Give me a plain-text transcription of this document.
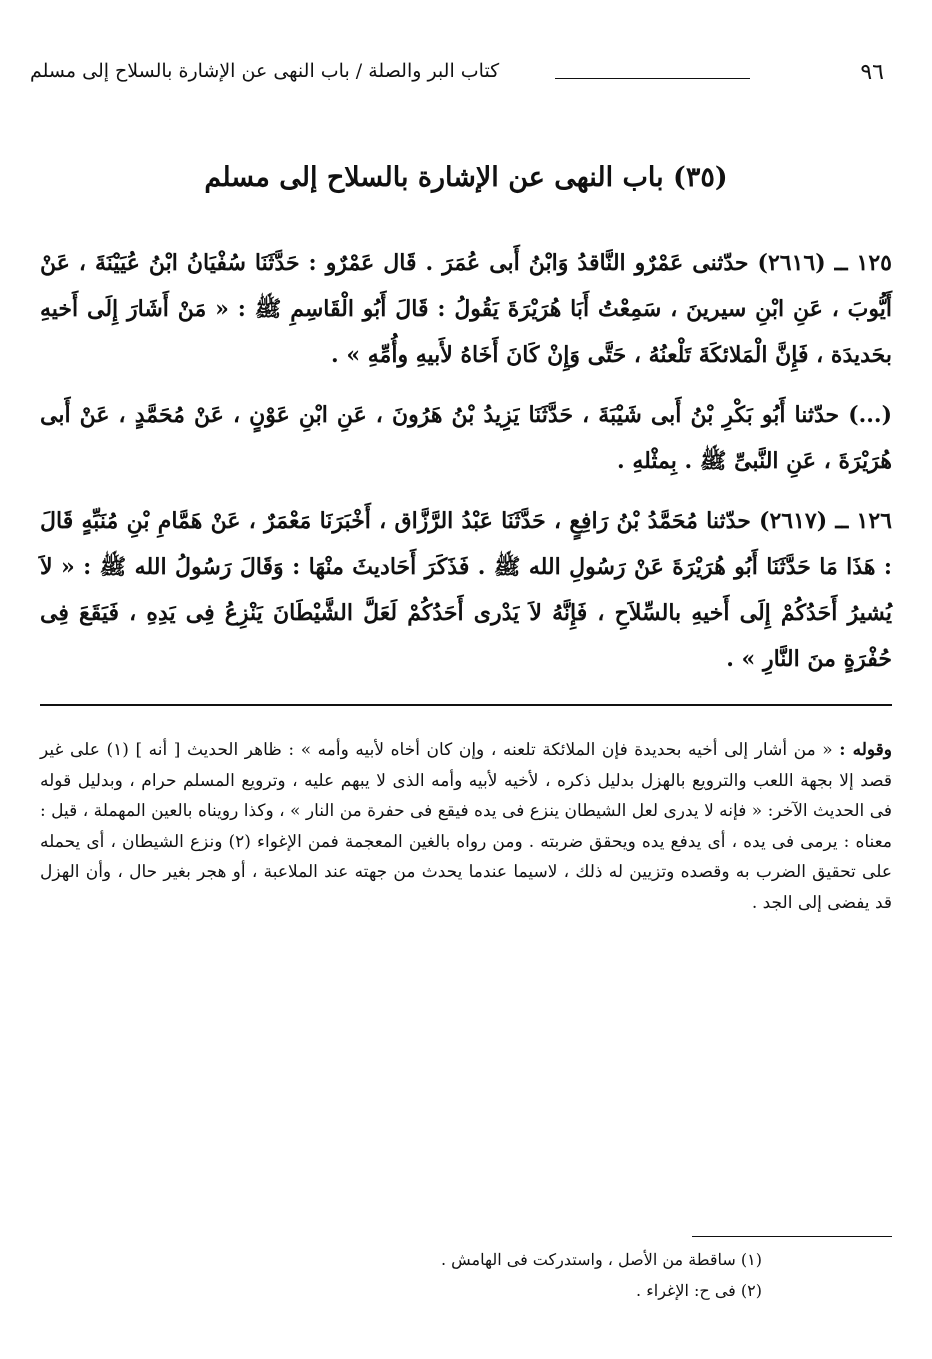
٩٦
كتاب البر والصلة / باب النهى عن الإشارة بالسلاح إلى مسلم
(٣٥) باب النهى عن الإشارة بالسلاح إلى مسلم

١٢٥ ــ (٢٦١٦) حدّثنى عَمْرٌو النَّاقدُ وَابْنُ أَبى عُمَرَ . قَال عَمْرٌو : حَدَّثَنَا سُفْيَانُ ابْنُ عُيَيْنَةَ ، عَنْ أَيُّوبَ ، عَنِ ابْنِ سيرينَ ، سَمِعْتُ أَبَا هُرَيْرَةَ يَقُولُ : قَالَ أَبُو الْقَاسِمِ ﷺ : « مَنْ أَشَارَ إِلَى أَخيهِ بحَديدَة ، فَإِنَّ الْمَلائكَةَ تَلْعنُهُ ، حَتَّى وَإِنْ كَانَ أَخَاهُ لأَبيهِ وأُمِّهِ » .

(...) حدّثنا أَبُو بَكْرِ بْنُ أَبى شَيْبَةَ ، حَدَّثَنَا يَزِيدُ بْنُ هَرُونَ ، عَنِ ابْنِ عَوْنٍ ، عَنْ مُحَمَّدٍ ، عَنْ أَبى هُرَيْرَةَ ، عَنِ النَّبىِّ ﷺ . بِمثْلهِ .

١٢٦ ــ (٢٦١٧) حدّثنا مُحَمَّدُ بْنُ رَافِعٍ ، حَدَّثَنَا عَبْدُ الرَّزَّاق ، أَخْبَرَنَا مَعْمَرٌ ، عَنْ هَمَّامِ بْنِ مُنَبِّهٍ قَالَ : هَذَا مَا حَدَّثَنَا أَبُو هُرَيْرَةَ عَنْ رَسُولِ الله ﷺ . فَذَكَرَ أَحَاديثَ منْهَا : وَقَالَ رَسُولُ الله ﷺ : « لاَ يُشيرُ أَحَدُكُمْ إِلَى أَخيهِ بالسِّلاَحِ ، فَإِنَّهُ لاَ يَدْرى أَحَدُكُمْ لَعَلَّ الشَّيْطَانَ يَنْزِعُ فِى يَدِهِ ، فَيَقَعَ فِى حُفْرَةٍ منَ النَّارِ » .

وقوله : « من أشار إلى أخيه بحديدة فإن الملائكة تلعنه ، وإن كان أخاه لأبيه وأمه » : ظاهر الحديث [ أنه ] (١) على غير قصد إلا بجهة اللعب والترويع بالهزل بدليل ذكره ، لأخيه لأبيه وأمه الذى لا يبهم عليه ، وترويع المسلم حرام ، وبدليل قوله فى الحديث الآخر: « فإنه لا يدرى لعل الشيطان ينزع فى يده فيقع فى حفرة من النار » ، وكذا رويناه بالعين المهملة ، قيل : معناه : يرمى فى يده ، أى يدفع يده ويحقق ضربته . ومن رواه بالغين المعجمة فمن الإغواء (٢) ونزع الشيطان ، أى يحمله على تحقيق الضرب به وقصده وتزيين له ذلك ، لاسيما عندما يحدث من جهته عند الملاعبة ، أو هجر بغير حال ، وأن الهزل قد يفضى إلى الجد .

(١) ساقطة من الأصل ، واستدركت فى الهامش .
(٢) فى ح: الإغراء .
